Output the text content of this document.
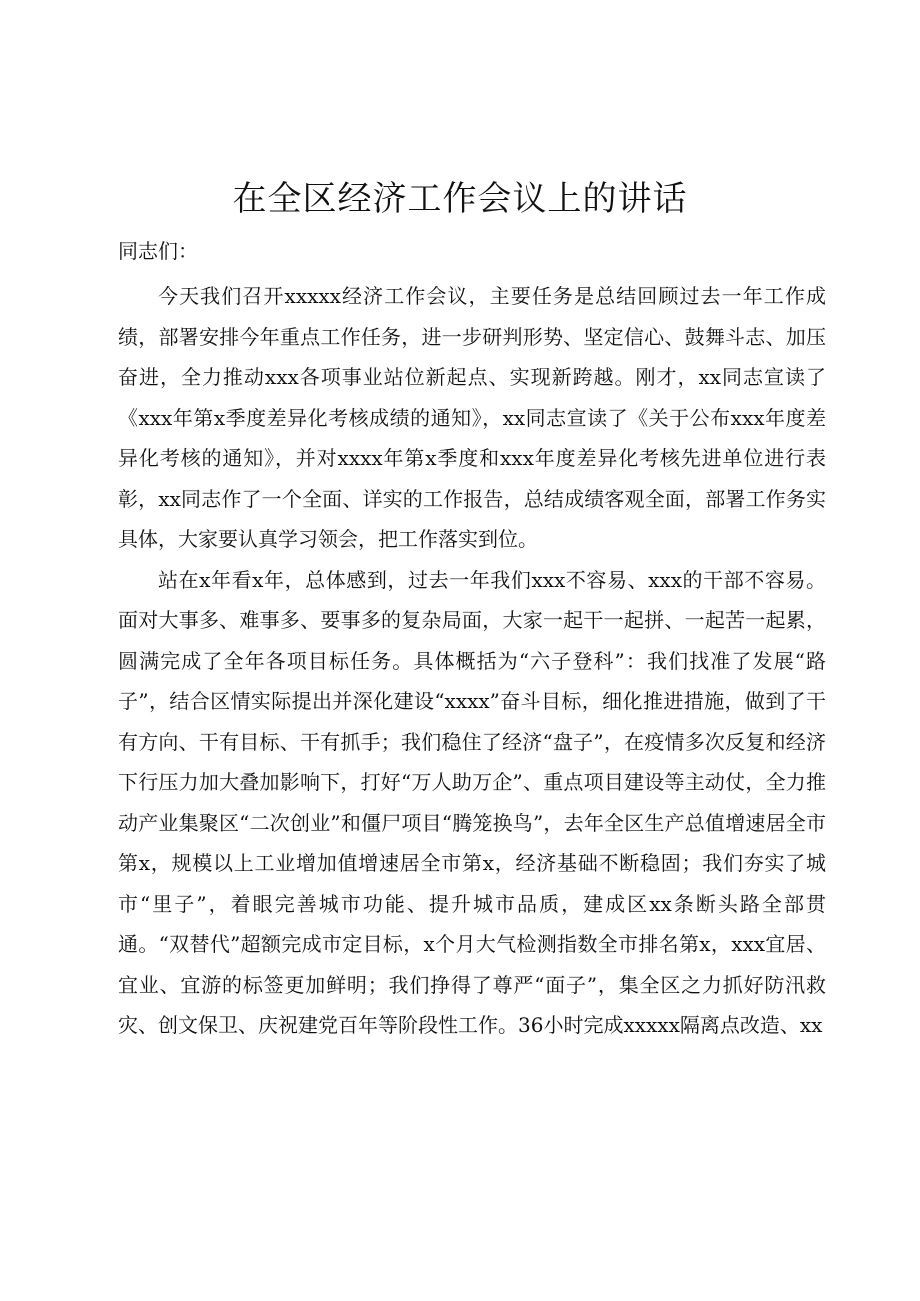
在全区经济工作会议上的讲话

同志们：

今天我们召开xxxxx经济工作会议，主要任务是总结回顾过去一年工作成绩，部署安排今年重点工作任务，进一步研判形势、坚定信心、鼓舞斗志、加压奋进，全力推动xxx各项事业站位新起点、实现新跨越。刚才，xx同志宣读了《xxx年第x季度差异化考核成绩的通知》，xx同志宣读了《关于公布xxx年度差异化考核的通知》，并对xxxx年第x季度和xxx年度差异化考核先进单位进行表彰，xx同志作了一个全面、详实的工作报告，总结成绩客观全面，部署工作务实具体，大家要认真学习领会，把工作落实到位。

站在x年看x年，总体感到，过去一年我们xxx不容易、xxx的干部不容易。面对大事多、难事多、要事多的复杂局面，大家一起干一起拼、一起苦一起累，圆满完成了全年各项目标任务。具体概括为“六子登科”：我们找准了发展“路子”，结合区情实际提出并深化建设“xxxx”奋斗目标，细化推进措施，做到了干有方向、干有目标、干有抓手；我们稳住了经济“盘子”，在疫情多次反复和经济下行压力加大叠加影响下，打好“万人助万企”、重点项目建设等主动仗，全力推动产业集聚区“二次创业”和僵尸项目“腾笼换鸟”，去年全区生产总值增速居全市第x，规模以上工业增加值增速居全市第x，经济基础不断稳固；我们夯实了城市“里子”，着眼完善城市功能、提升城市品质，建成区xx条断头路全部贯通。“双替代”超额完成市定目标，x个月大气检测指数全市排名第x，xxx宜居、宜业、宜游的标签更加鲜明；我们挣得了尊严“面子”，集全区之力抓好防汛救灾、创文保卫、庆祝建党百年等阶段性工作。36小时完成xxxxx隔离点改造、xx
